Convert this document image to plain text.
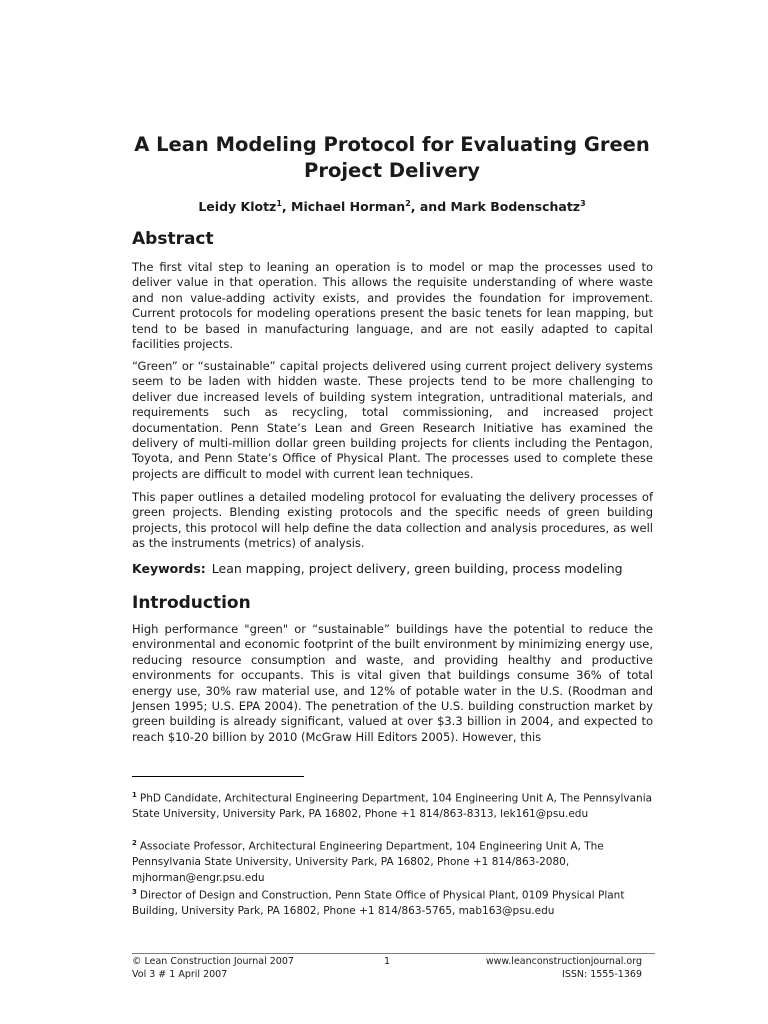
A Lean Modeling Protocol for Evaluating Green Project Delivery
Leidy Klotz$^1$, Michael Horman$^2$, and Mark Bodenschatz$^3$
Abstract

The first vital step to leaning an operation is to model or map the processes used to deliver value in that operation. This allows the requisite understanding of where waste and non value-adding activity exists, and provides the foundation for improvement. Current protocols for modeling operations present the basic tenets for lean mapping, but tend to be based in manufacturing language, and are not easily adapted to capital facilities projects.

“Green” or “sustainable” capital projects delivered using current project delivery systems seem to be laden with hidden waste. These projects tend to be more challenging to deliver due increased levels of building system integration, untraditional materials, and requirements such as recycling, total commissioning, and increased project documentation. Penn State’s Lean and Green Research Initiative has examined the delivery of multi-million dollar green building projects for clients including the Pentagon, Toyota, and Penn State’s Office of Physical Plant. The processes used to complete these projects are difficult to model with current lean techniques.

This paper outlines a detailed modeling protocol for evaluating the delivery processes of green projects. Blending existing protocols and the specific needs of green building projects, this protocol will help define the data collection and analysis procedures, as well as the instruments (metrics) of analysis.

Keywords: Lean mapping, project delivery, green building, process modeling
Introduction

High performance "green" or “sustainable” buildings have the potential to reduce the environmental and economic footprint of the built environment by minimizing energy use, reducing resource consumption and waste, and providing healthy and productive environments for occupants. This is vital given that buildings consume 36% of total energy use, 30% raw material use, and 12% of potable water in the U.S. (Roodman and Jensen 1995; U.S. EPA 2004). The penetration of the U.S. building construction market by green building is already significant, valued at over $3.3 billion in 2004, and expected to reach $10-20 billion by 2010 (McGraw Hill Editors 2005). However, this

$^1$ PhD Candidate, Architectural Engineering Department, 104 Engineering Unit A, The Pennsylvania State University, University Park, PA 16802, Phone +1 814/863-8313, lek161@psu.edu

$^2$ Associate Professor, Architectural Engineering Department, 104 Engineering Unit A, The Pennsylvania State University, University Park, PA 16802, Phone +1 814/863-2080, mjhorman@engr.psu.edu

$^3$ Director of Design and Construction, Penn State Office of Physical Plant, 0109 Physical Plant Building, University Park, PA 16802, Phone +1 814/863-5765, mab163@psu.edu

© Lean Construction Journal 2007
Vol 3 # 1 April 2007
1	www.leanconstructionjournal.org
ISSN: 1555-1369
